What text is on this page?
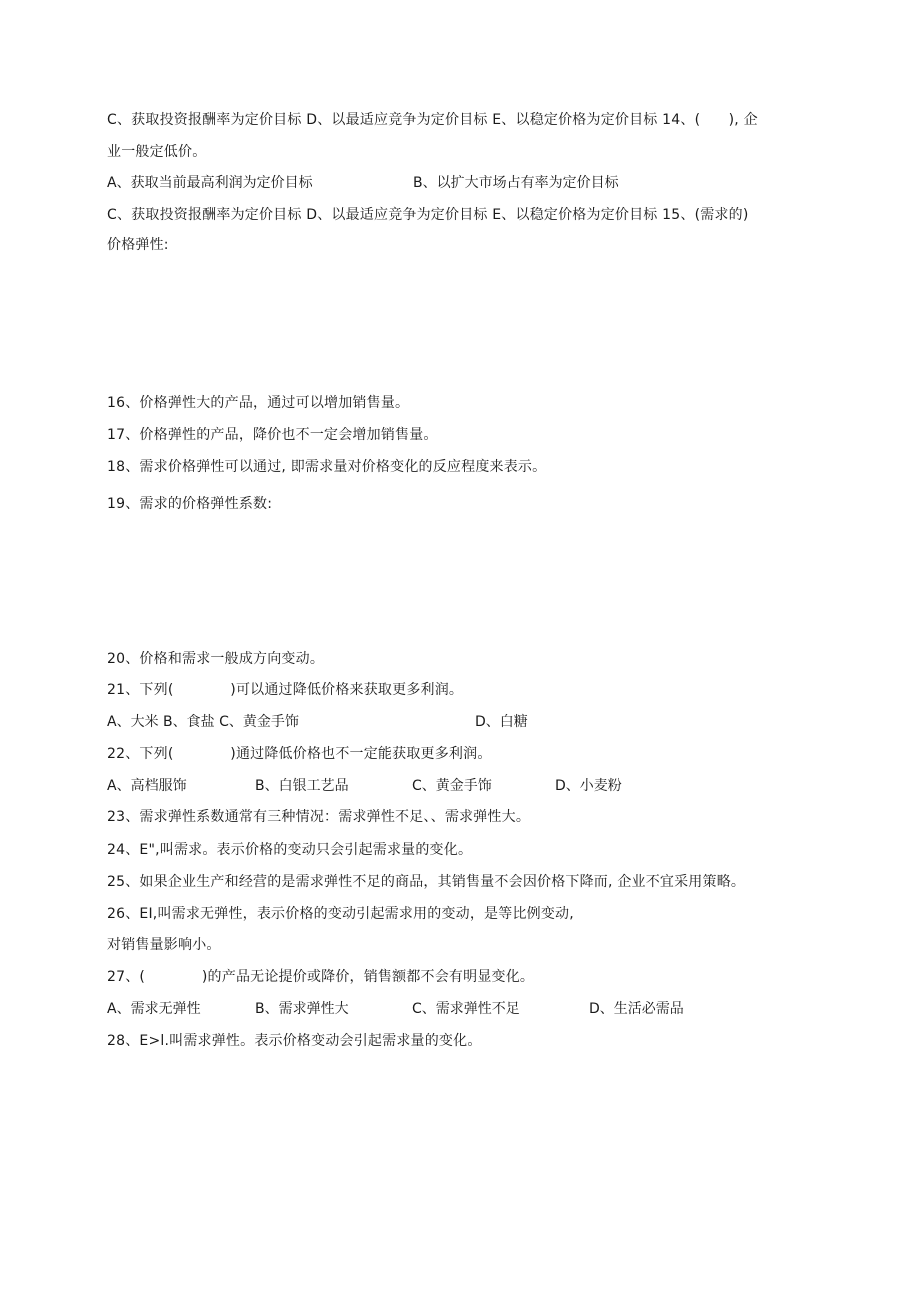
C、获取投资报酬率为定价目标 D、以最适应竞争为定价目标 E、以稳定价格为定价目标 14、(　　), 企
业一般定低价。
A、获取当前最高利润为定价目标	B、以扩大市场占有率为定价目标
C、获取投资报酬率为定价目标 D、以最适应竞争为定价目标 E、以稳定价格为定价目标 15、(需求的)
价格弹性:
16、价格弹性大的产品，通过可以增加销售量。
17、价格弹性的产品，降价也不一定会增加销售量。
18、需求价格弹性可以通过, 即需求量对价格变化的反应程度来表示。
19、需求的价格弹性系数:
20、价格和需求一般成方向变动。
21、下列(　　　　)可以通过降低价格来获取更多利润。
A、大米 B、食盐 C、黄金手饰	D、白糖
22、下列(　　　　)通过降低价格也不一定能获取更多利润。
A、高档服饰	B、白银工艺品	C、黄金手饰	D、小麦粉
23、需求弹性系数通常有三种情况：需求弹性不足、、需求弹性大。
24、E",叫需求。表示价格的变动只会引起需求量的变化。
25、如果企业生产和经营的是需求弹性不足的商品，其销售量不会因价格下降而, 企业不宜采用策略。
26、EI,叫需求无弹性，表示价格的变动引起需求用的变动，是等比例变动,
对销售量影响小。
27、(　　　　)的产品无论提价或降价，销售额都不会有明显变化。
A、需求无弹性	B、需求弹性大	C、需求弹性不足	D、生活必需品
28、E>l.叫需求弹性。表示价格变动会引起需求量的变化。
